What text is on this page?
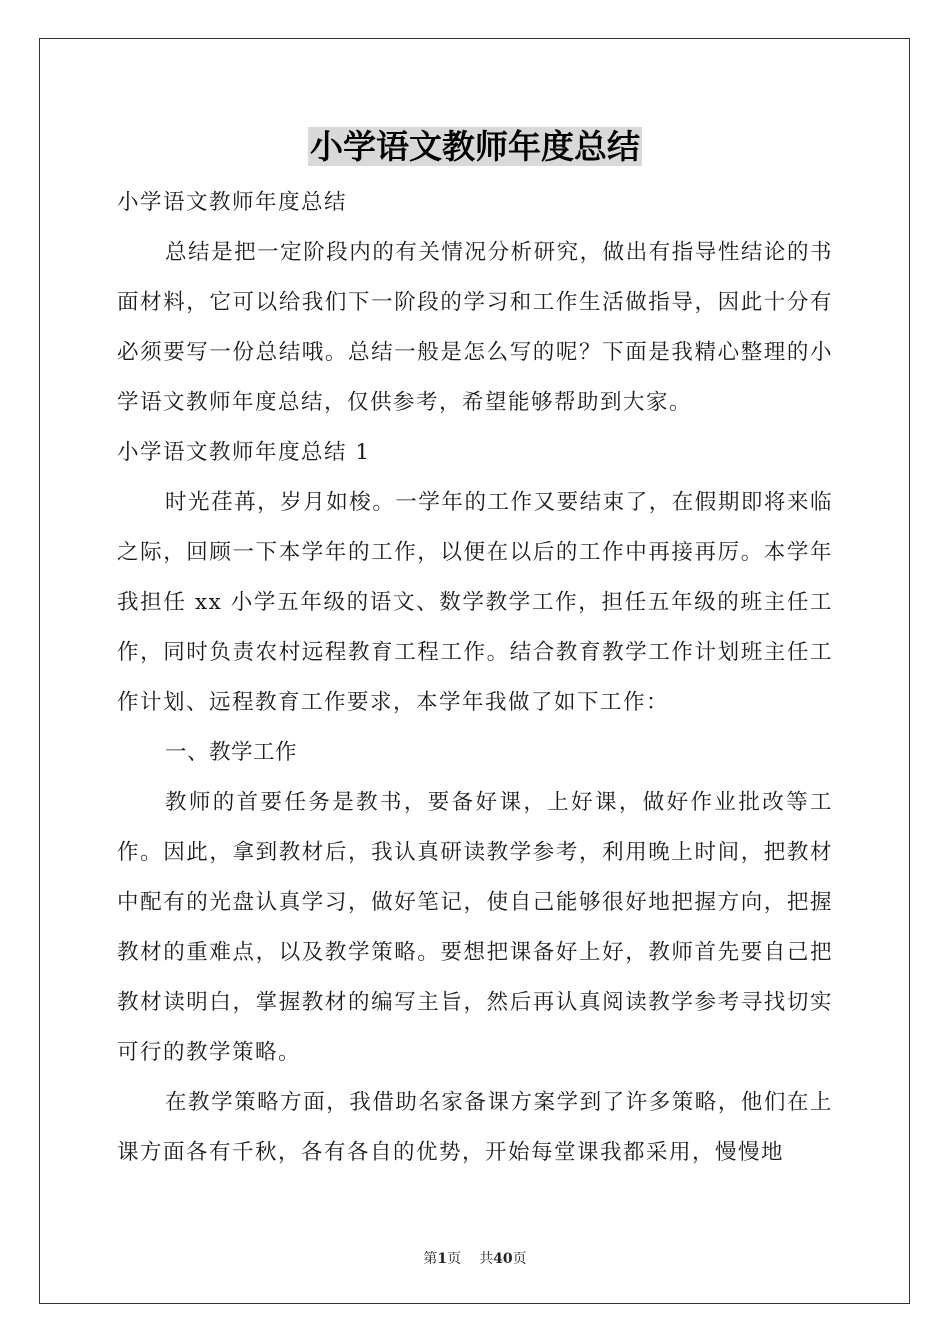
小学语文教师年度总结

小学语文教师年度总结

总结是把一定阶段内的有关情况分析研究，做出有指导性结论的书面材料，它可以给我们下一阶段的学习和工作生活做指导，因此十分有必须要写一份总结哦。总结一般是怎么写的呢？下面是我精心整理的小学语文教师年度总结，仅供参考，希望能够帮助到大家。

小学语文教师年度总结 1

时光荏苒，岁月如梭。一学年的工作又要结束了，在假期即将来临之际，回顾一下本学年的工作，以便在以后的工作中再接再厉。本学年我担任 xx 小学五年级的语文、数学教学工作，担任五年级的班主任工作，同时负责农村远程教育工程工作。结合教育教学工作计划班主任工作计划、远程教育工作要求，本学年我做了如下工作：

一、教学工作

教师的首要任务是教书，要备好课，上好课，做好作业批改等工作。因此，拿到教材后，我认真研读教学参考，利用晚上时间，把教材中配有的光盘认真学习，做好笔记，使自己能够很好地把握方向，把握教材的重难点，以及教学策略。要想把课备好上好，教师首先要自己把教材读明白，掌握教材的编写主旨，然后再认真阅读教学参考寻找切实可行的教学策略。

在教学策略方面，我借助名家备课方案学到了许多策略，他们在上课方面各有千秋，各有各自的优势，开始每堂课我都采用，慢慢地

第1页 共40页
